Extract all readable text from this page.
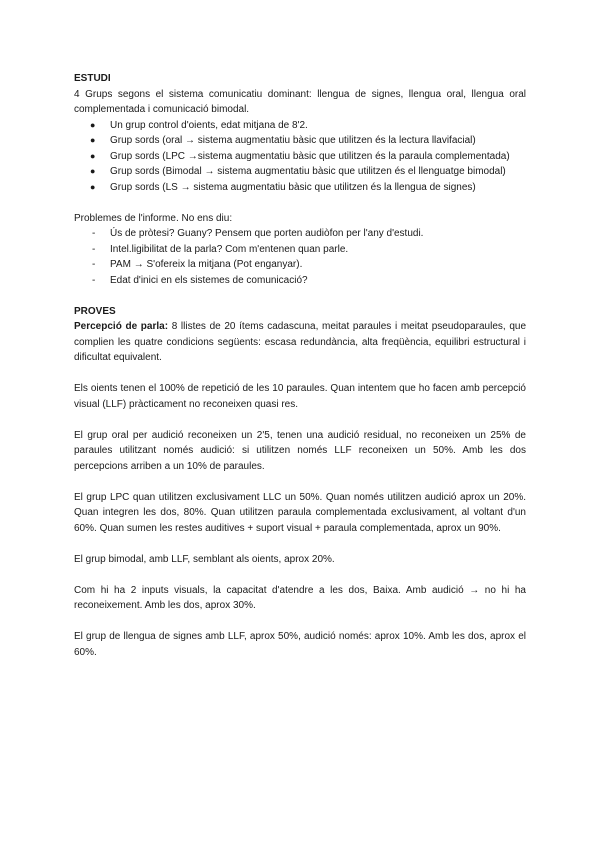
ESTUDI

4 Grups segons el sistema comunicatiu dominant: llengua de signes, llengua oral, llengua oral complementada i comunicació bimodal.

● Un grup control d'oients, edat mitjana de 8'2.
● Grup sords (oral → sistema augmentatiu bàsic que utilitzen és la lectura llavifacial)
● Grup sords (LPC →sistema augmentatiu bàsic que utilitzen és la paraula complementada)
● Grup sords (Bimodal → sistema augmentatiu bàsic que utilitzen és el llenguatge bimodal)
● Grup sords (LS → sistema augmentatiu bàsic que utilitzen és la llengua de signes)

Problemes de l'informe. No ens diu:

- Ús de pròtesi? Guany? Pensem que porten audiòfon per l'any d'estudi.
- Intel.ligibilitat de la parla? Com m'entenen quan parle.
- PAM → S'ofereix la mitjana (Pot enganyar).
- Edat d'inici en els sistemes de comunicació?
PROVES

Percepció de parla: 8 llistes de 20 ítems cadascuna, meitat paraules i meitat pseudoparaules, que complien les quatre condicions següents: escasa redundància, alta freqüència, equilibri estructural i dificultat equivalent.

Els oients tenen el 100% de repetició de les 10 paraules. Quan intentem que ho facen amb percepció visual (LLF) pràcticament no reconeixen quasi res.

El grup oral per audició reconeixen un 2'5, tenen una audició residual, no reconeixen un 25% de paraules utilitzant només audició: si utilitzen només LLF reconeixen un 50%. Amb les dos percepcions arriben a un 10% de paraules.

El grup LPC quan utilitzen exclusivament LLC un 50%. Quan només utilitzen audició aprox un 20%. Quan integren les dos, 80%. Quan utilitzen paraula complementada exclusivament, al voltant d'un 60%. Quan sumen les restes auditives + suport visual + paraula complementada, aprox un 90%.

El grup bimodal, amb LLF, semblant als oients, aprox 20%.

Com hi ha 2 inputs visuals, la capacitat d'atendre a les dos, Baixa. Amb audició → no hi ha reconeixement. Amb les dos, aprox 30%.

El grup de llengua de signes amb LLF, aprox 50%, audició només: aprox 10%. Amb les dos, aprox el 60%.
